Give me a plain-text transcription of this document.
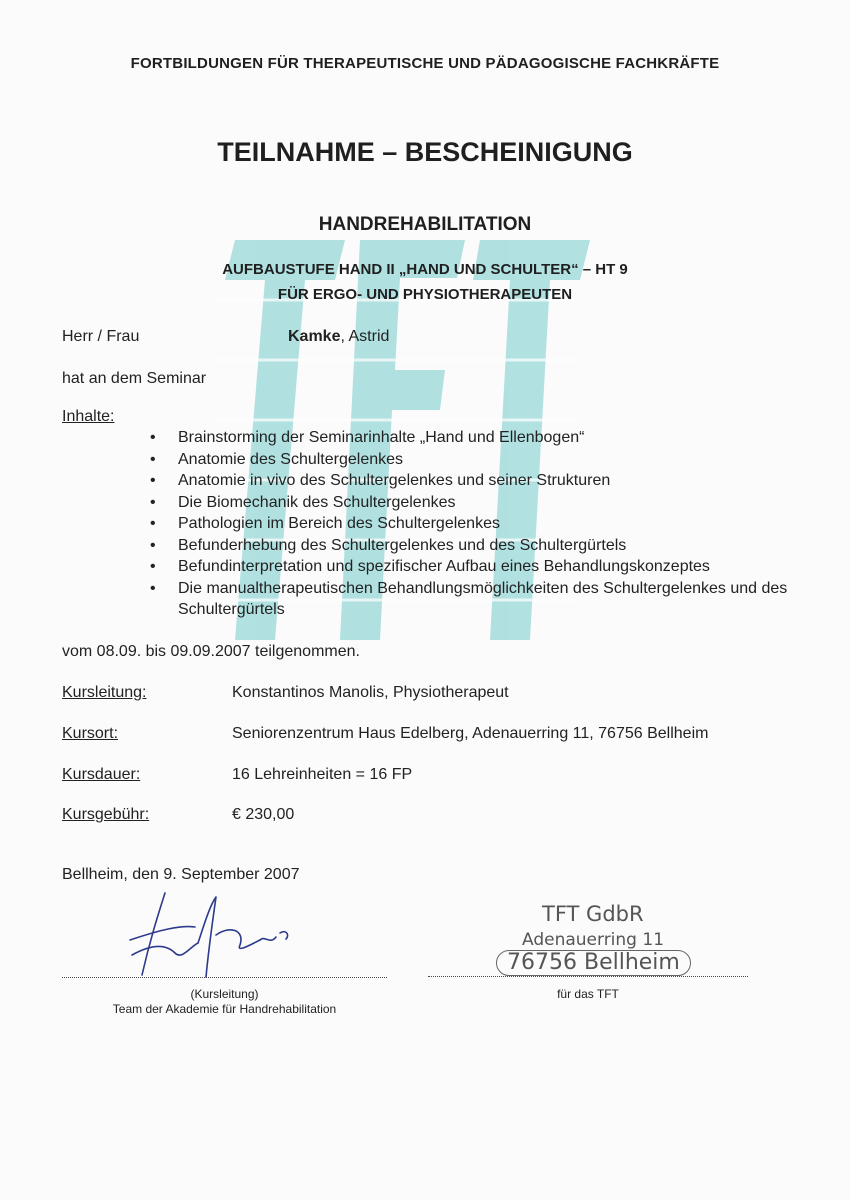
FORTBILDUNGEN FÜR THERAPEUTISCHE UND PÄDAGOGISCHE FACHKRÄFTE
TEILNAHME – BESCHEINIGUNG
HANDREHABILITATION
AUFBAUSTUFE HAND II „HAND UND SCHULTER“ – HT 9
FÜR ERGO- UND PHYSIOTHERAPEUTEN
Herr / Frau	Kamke, Astrid
hat an dem Seminar
Inhalte:
• Brainstorming der Seminarinhalte „Hand und Ellenbogen“
• Anatomie des Schultergelenkes
• Anatomie in vivo des Schultergelenkes und seiner Strukturen
• Die Biomechanik des Schultergelenkes
• Pathologien im Bereich des Schultergelenkes
• Befunderhebung des Schultergelenkes und des Schultergürtels
• Befundinterpretation und spezifischer Aufbau eines Behandlungskonzeptes
• Die manualtherapeutischen Behandlungsmöglichkeiten des Schultergelenkes und des Schultergürtels
vom 08.09. bis 09.09.2007 teilgenommen.
Kursleitung:	Konstantinos Manolis, Physiotherapeut
Kursort:	Seniorenzentrum Haus Edelberg, Adenauerring 11, 76756 Bellheim
Kursdauer:	16 Lehreinheiten = 16 FP
Kursgebühr:	€ 230,00
Bellheim, den 9. September 2007
(Kursleitung)
Team der Akademie für Handrehabilitation
für das TFT
TFT GdbR
Adenauerring 11
76756 Bellheim
